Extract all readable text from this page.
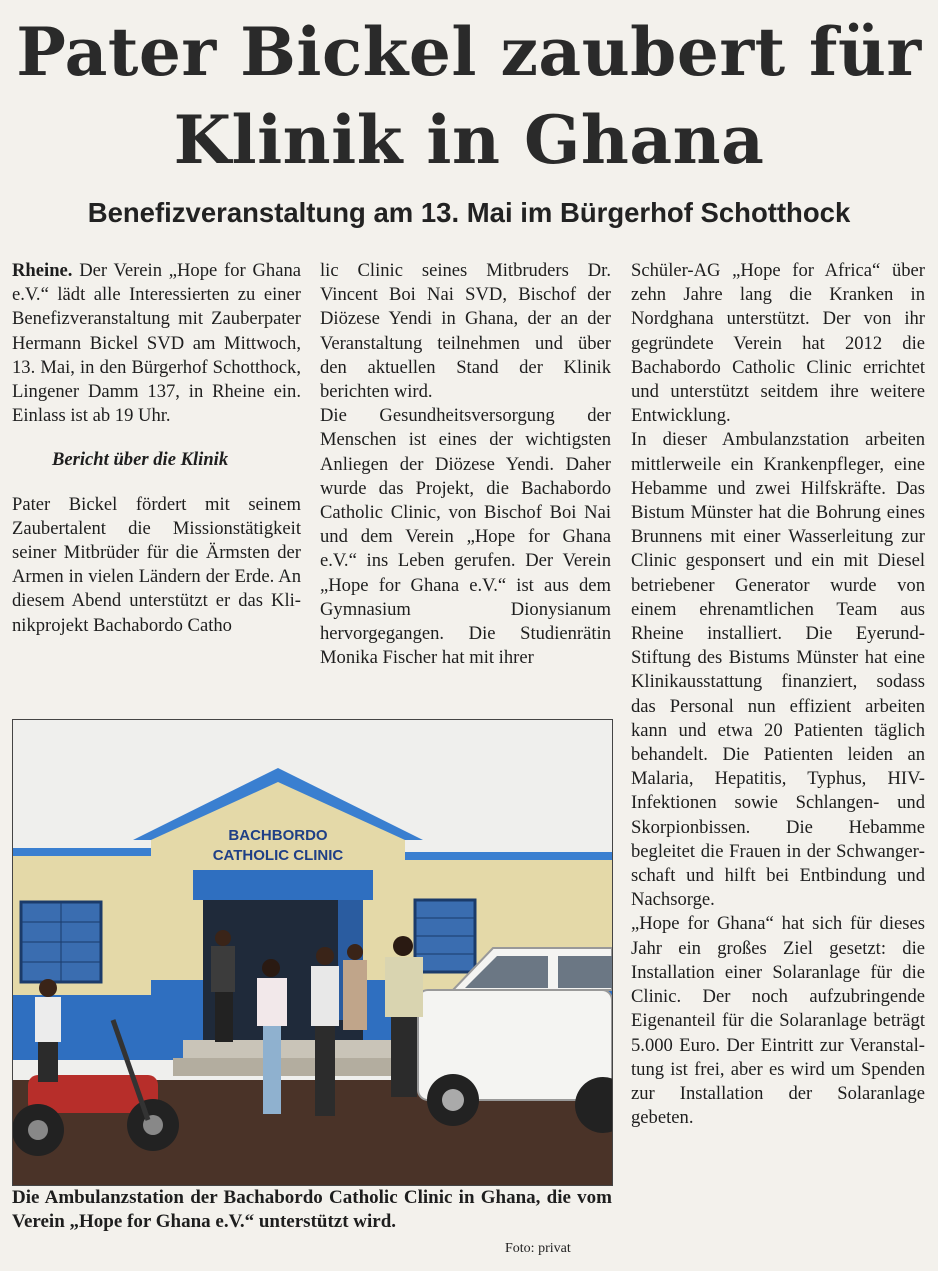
Pater Bickel zaubert für
Klinik in Ghana
Benefizveranstaltung am 13. Mai im Bürgerhof Schotthock

Rheine. Der Verein „Hope for Ghana e.V.“ lädt alle Interessierten zu einer Benefizveranstaltung mit Zauberpater Hermann Bickel SVD am Mittwoch, 13. Mai, in den Bürgerhof Schotthock, Lingener Damm 137, in Rheine ein. Einlass ist ab 19 Uhr.

Bericht über die Klinik

Pater Bickel fördert mit seinem Zaubertalent die Missionstätigkeit seiner Mitbrüder für die Ärmsten der Armen in vielen Ländern der Erde. An diesem Abend unterstützt er das Klinikprojekt Bachabordo Catho

lic Clinic seines Mitbruders Dr. Vincent Boi Nai SVD, Bischof der Diözese Yendi in Ghana, der an der Veranstaltung teilnehmen und über den aktuellen Stand der Klinik berichten wird.

Die Gesundheitsversorgung der Menschen ist eines der wichtigsten Anliegen der Diözese Yendi. Daher wurde das Projekt, die Bachabordo Catholic Clinic, von Bischof Boi Nai und dem Verein „Hope for Ghana e.V.“ ins Leben gerufen. Der Verein „Hope for Ghana e.V.“ ist aus dem Gymnasium Dionysianum hervorgegangen. Die Studienrätin Monika Fischer hat mit ihrer

Schüler-AG „Hope for Africa“ über zehn Jahre lang die Kranken in Nordghana unterstützt. Der von ihr gegründete Verein hat 2012 die Bachabordo Catholic Clinic errichtet und unterstützt seitdem ihre weitere Entwicklung.

In dieser Ambulanzstation arbeiten mittlerweile ein Krankenpfleger, eine Hebamme und zwei Hilfskräfte. Das Bistum Münster hat die Bohrung eines Brunnens mit einer Wasserleitung zur Clinic gesponsert und ein mit Diesel betriebener Generator wurde von einem ehrenamtlichen Team aus Rheine installiert. Die Eyerund-Stiftung des Bistums Münster hat eine Klinikausstattung finanziert, sodass das Personal nun effizient arbeiten kann und etwa 20 Patienten täglich behandelt. Die Patienten leiden an Malaria, Hepatitis, Typhus, HIV-Infektionen sowie Schlangen- und Skorpionbissen. Die Hebamme begleitet die Frauen in der Schwangerschaft und hilft bei Entbindung und Nachsorge.

„Hope for Ghana“ hat sich für dieses Jahr ein großes Ziel gesetzt: die Installation einer Solaranlage für die Clinic. Der noch aufzubringende Eigenanteil für die Solaranlage beträgt 5.000 Euro. Der Eintritt zur Veranstaltung ist frei, aber es wird um Spenden zur Installation der Solaranlage gebeten.

BACHBORDO
CATHOLIC CLINIC
Die Ambulanzstation der Bachabordo Catholic Clinic in Ghana, die vom Verein „Hope for Ghana e.V.“ unterstützt wird.
Foto: privat
